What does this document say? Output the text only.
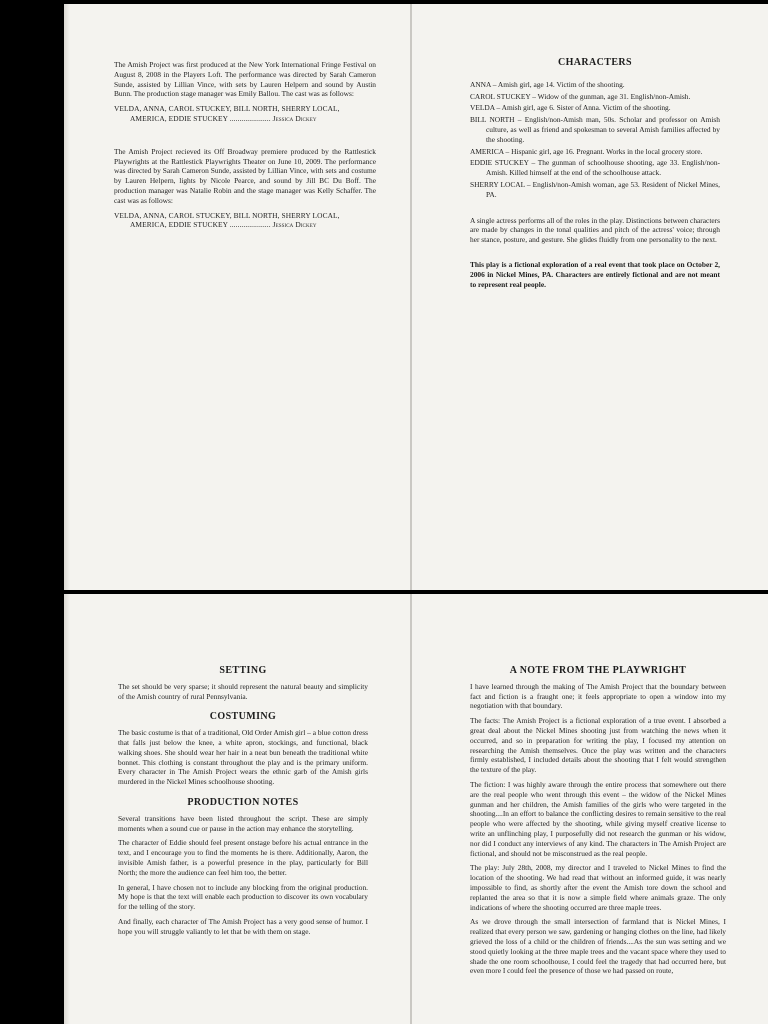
The Amish Project was first produced at the New York International Fringe Festival on August 8, 2008 in the Players Loft. The performance was directed by Sarah Cameron Sunde, assisted by Lillian Vince, with sets by Lauren Helpern and sound by Austin Bunn. The production stage manager was Emily Ballou. The cast was as follows:

VELDA, ANNA, CAROL STUCKEY, BILL NORTH, SHERRY LOCAL,
AMERICA, EDDIE STUCKEY ..................... Jessica Dickey

The Amish Project recieved its Off Broadway premiere produced by the Rattlestick Playwrights at the Rattlestick Playwrights Theater on June 10, 2009. The performance was directed by Sarah Cameron Sunde, assisted by Lillian Vince, with sets and costume by Lauren Helpern, lights by Nicole Pearce, and sound by Jill BC Du Boff. The production manager was Natalie Robin and the stage manager was Kelly Schaffer. The cast was as follows:

VELDA, ANNA, CAROL STUCKEY, BILL NORTH, SHERRY LOCAL,
AMERICA, EDDIE STUCKEY ..................... Jessica Dickey
CHARACTERS
ANNA – Amish girl, age 14. Victim of the shooting.
CAROL STUCKEY – Widow of the gunman, age 31. English/non-Amish.
VELDA – Amish girl, age 6. Sister of Anna. Victim of the shooting.
BILL NORTH – English/non-Amish man, 50s. Scholar and professor on Amish culture, as well as friend and spokesman to several Amish families affected by the shooting.
AMERICA – Hispanic girl, age 16. Pregnant. Works in the local grocery store.
EDDIE STUCKEY – The gunman of schoolhouse shooting, age 33. English/non-Amish. Killed himself at the end of the schoolhouse attack.
SHERRY LOCAL – English/non-Amish woman, age 53. Resident of Nickel Mines, PA.

A single actress performs all of the roles in the play. Distinctions between characters are made by changes in the tonal qualities and pitch of the actress' voice; through her stance, posture, and gesture. She glides fluidly from one personality to the next.

This play is a fictional exploration of a real event that took place on October 2, 2006 in Nickel Mines, PA. Characters are entirely fictional and are not meant to represent real people.

SETTING

The set should be very sparse; it should represent the natural beauty and simplicity of the Amish country of rural Pennsylvania.

COSTUMING

The basic costume is that of a traditional, Old Order Amish girl – a blue cotton dress that falls just below the knee, a white apron, stockings, and functional, black walking shoes. She should wear her hair in a neat bun beneath the traditional white bonnet. This clothing is constant throughout the play and is the primary uniform. Every character in The Amish Project wears the ethnic garb of the Amish girls murdered in the Nickel Mines schoolhouse shooting.

PRODUCTION NOTES

Several transitions have been listed throughout the script. These are simply moments when a sound cue or pause in the action may enhance the storytelling.

The character of Eddie should feel present onstage before his actual entrance in the text, and I encourage you to find the moments he is there. Additionally, Aaron, the invisible Amish father, is a powerful presence in the play, particularly for Bill North; the more the audience can feel him too, the better.

In general, I have chosen not to include any blocking from the original production. My hope is that the text will enable each production to discover its own vocabulary for the telling of the story.

And finally, each character of The Amish Project has a very good sense of humor. I hope you will struggle valiantly to let that be with them on stage.

A NOTE FROM THE PLAYWRIGHT

I have learned through the making of The Amish Project that the boundary between fact and fiction is a fraught one; it feels appropriate to open a window into my negotiation with that boundary.

The facts: The Amish Project is a fictional exploration of a true event. I absorbed a great deal about the Nickel Mines shooting just from watching the news when it occurred, and so in preparation for writing the play, I focused my attention on researching the Amish themselves. Once the play was written and the characters firmly established, I included details about the shooting that I felt would strengthen the texture of the play.

The fiction: I was highly aware through the entire process that somewhere out there are the real people who went through this event – the widow of the Nickel Mines gunman and her children, the Amish families of the girls who were targeted in the shooting....In an effort to balance the conflicting desires to remain sensitive to the real people who were affected by the shooting, while giving myself creative license to write an unflinching play, I purposefully did not research the gunman or his widow, nor did I conduct any interviews of any kind. The characters in The Amish Project are fictional, and should not be misconstrued as the real people.

The play: July 28th, 2008, my director and I traveled to Nickel Mines to find the location of the shooting. We had read that without an informed guide, it was nearly impossible to find, as shortly after the event the Amish tore down the school and replanted the area so that it is now a simple field where animals graze. The only indications of where the shooting occurred are three maple trees.

As we drove through the small intersection of farmland that is Nickel Mines, I realized that every person we saw, gardening or hanging clothes on the line, had likely grieved the loss of a child or the children of friends....As the sun was setting and we stood quietly looking at the three maple trees and the vacant space where they used to shade the one room schoolhouse, I could feel the tragedy that had occurred here, but even more I could feel the presence of those we had passed on route,
